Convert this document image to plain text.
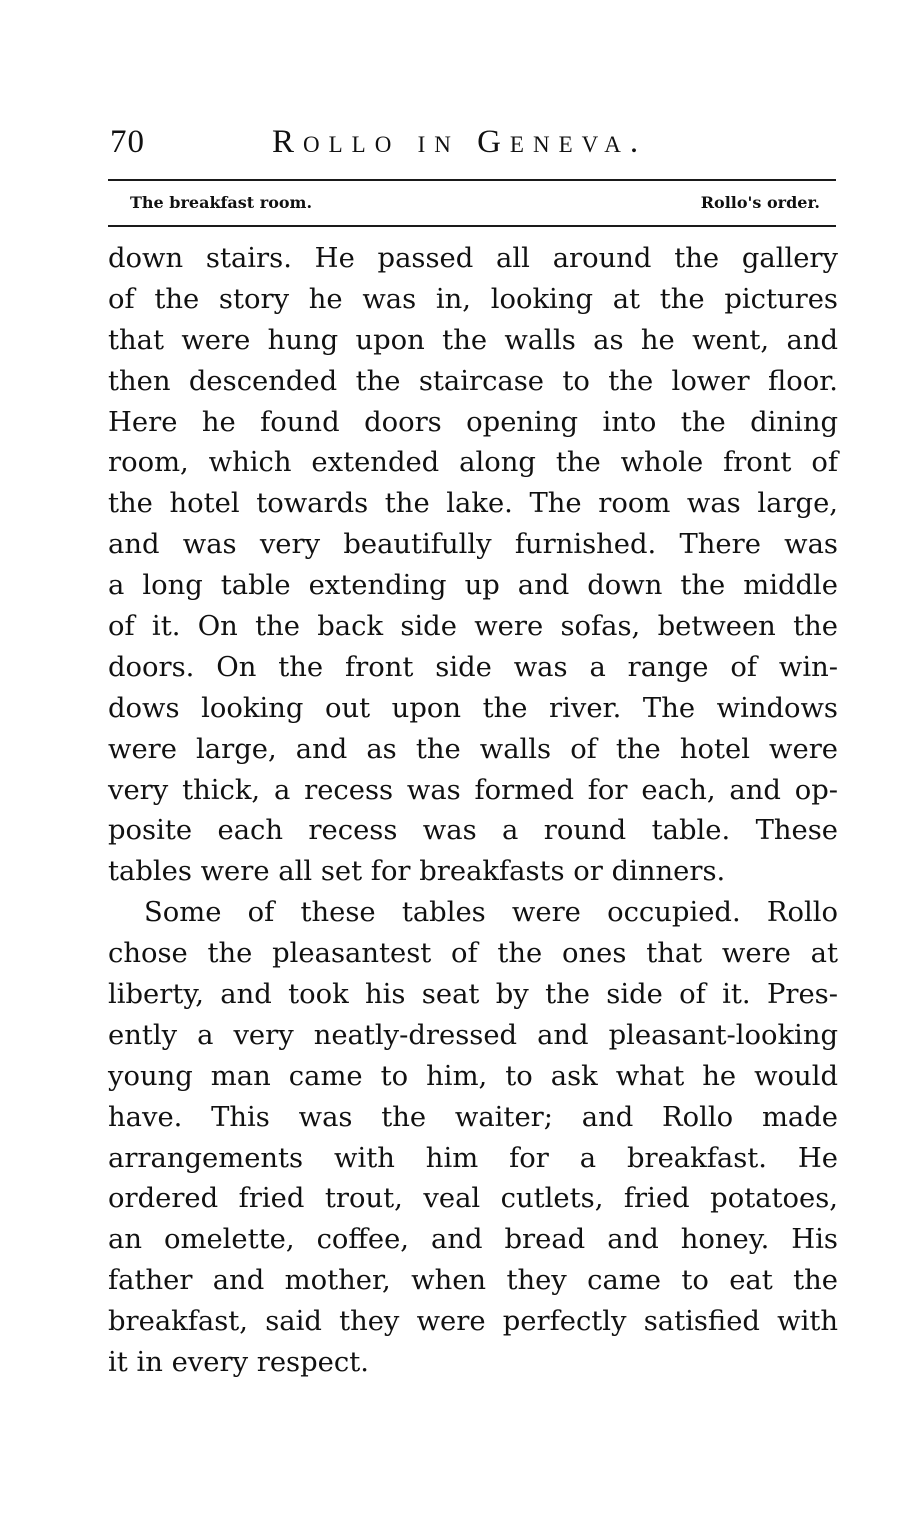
70	Rollo in Geneva.
The breakfast room.	Rollo's order.
down stairs. He passed all around the gallery
of the story he was in, looking at the pictures
that were hung upon the walls as he went, and
then descended the staircase to the lower floor.
Here he found doors opening into the dining
room, which extended along the whole front of
the hotel towards the lake. The room was large,
and was very beautifully furnished. There was
a long table extending up and down the middle
of it. On the back side were sofas, between the
doors. On the front side was a range of win-
dows looking out upon the river. The windows
were large, and as the walls of the hotel were
very thick, a recess was formed for each, and op-
posite each recess was a round table. These
tables were all set for breakfasts or dinners.
Some of these tables were occupied. Rollo
chose the pleasantest of the ones that were at
liberty, and took his seat by the side of it. Pres-
ently a very neatly-dressed and pleasant-looking
young man came to him, to ask what he would
have. This was the waiter; and Rollo made
arrangements with him for a breakfast. He
ordered fried trout, veal cutlets, fried potatoes,
an omelette, coffee, and bread and honey. His
father and mother, when they came to eat the
breakfast, said they were perfectly satisfied with
it in every respect.
